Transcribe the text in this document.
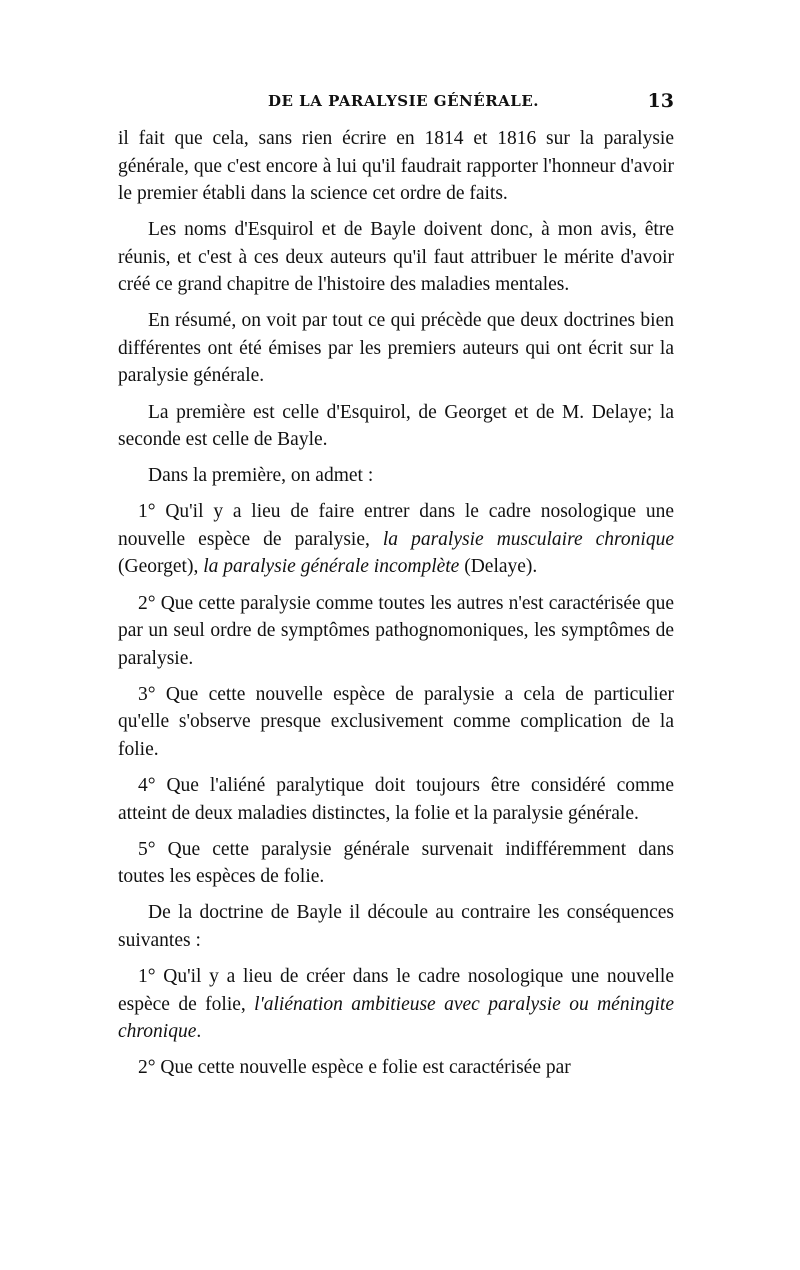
DE LA PARALYSIE GÉNÉRALE.	13

il fait que cela, sans rien écrire en 1814 et 1816 sur la paralysie générale, que c'est encore à lui qu'il faudrait rapporter l'honneur d'avoir le premier établi dans la science cet ordre de faits.

Les noms d'Esquirol et de Bayle doivent donc, à mon avis, être réunis, et c'est à ces deux auteurs qu'il faut attribuer le mérite d'avoir créé ce grand chapitre de l'histoire des maladies mentales.

En résumé, on voit par tout ce qui précède que deux doctrines bien différentes ont été émises par les premiers auteurs qui ont écrit sur la paralysie générale.

La première est celle d'Esquirol, de Georget et de M. Delaye; la seconde est celle de Bayle.

Dans la première, on admet :

1° Qu'il y a lieu de faire entrer dans le cadre nosologique une nouvelle espèce de paralysie, la paralysie musculaire chronique (Georget), la paralysie générale incomplète (Delaye).

2° Que cette paralysie comme toutes les autres n'est caractérisée que par un seul ordre de symptômes pathognomoniques, les symptômes de paralysie.

3° Que cette nouvelle espèce de paralysie a cela de particulier qu'elle s'observe presque exclusivement comme complication de la folie.

4° Que l'aliéné paralytique doit toujours être considéré comme atteint de deux maladies distinctes, la folie et la paralysie générale.

5° Que cette paralysie générale survenait indifféremment dans toutes les espèces de folie.

De la doctrine de Bayle il découle au contraire les conséquences suivantes :

1° Qu'il y a lieu de créer dans le cadre nosologique une nouvelle espèce de folie, l'aliénation ambitieuse avec paralysie ou méningite chronique.

2° Que cette nouvelle espèce e folie est caractérisée par
